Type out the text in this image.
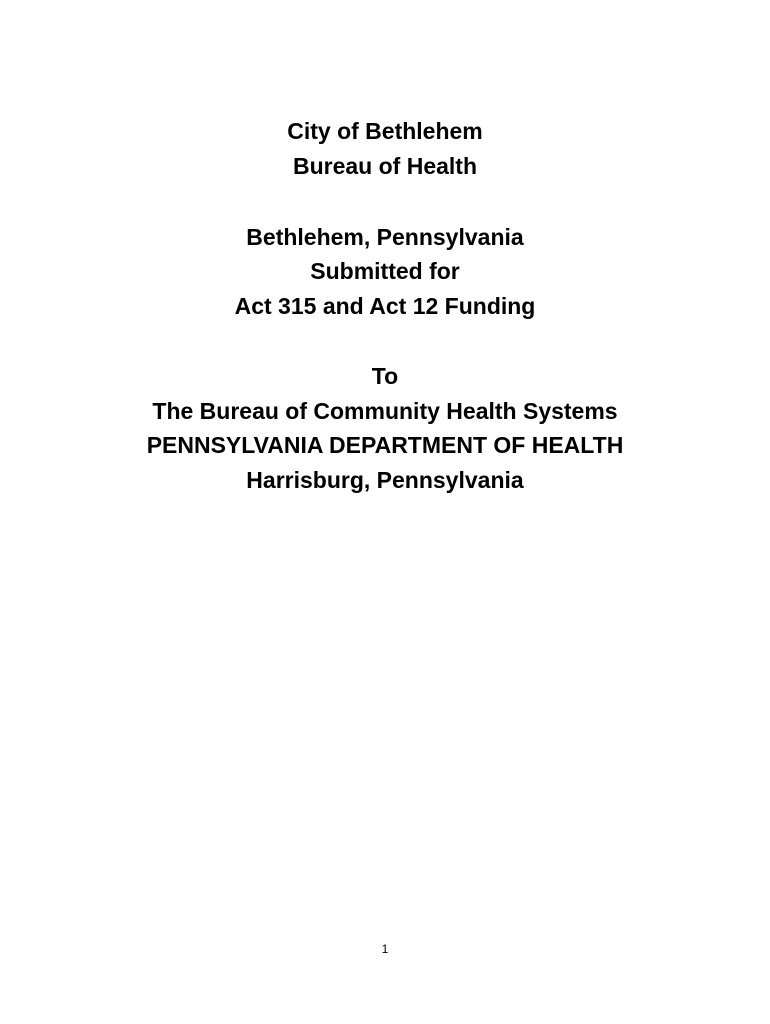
City of Bethlehem
Bureau of Health
Bethlehem, Pennsylvania
Submitted for
Act 315 and Act 12 Funding
To
The Bureau of Community Health Systems
PENNSYLVANIA DEPARTMENT OF HEALTH
Harrisburg, Pennsylvania
1
